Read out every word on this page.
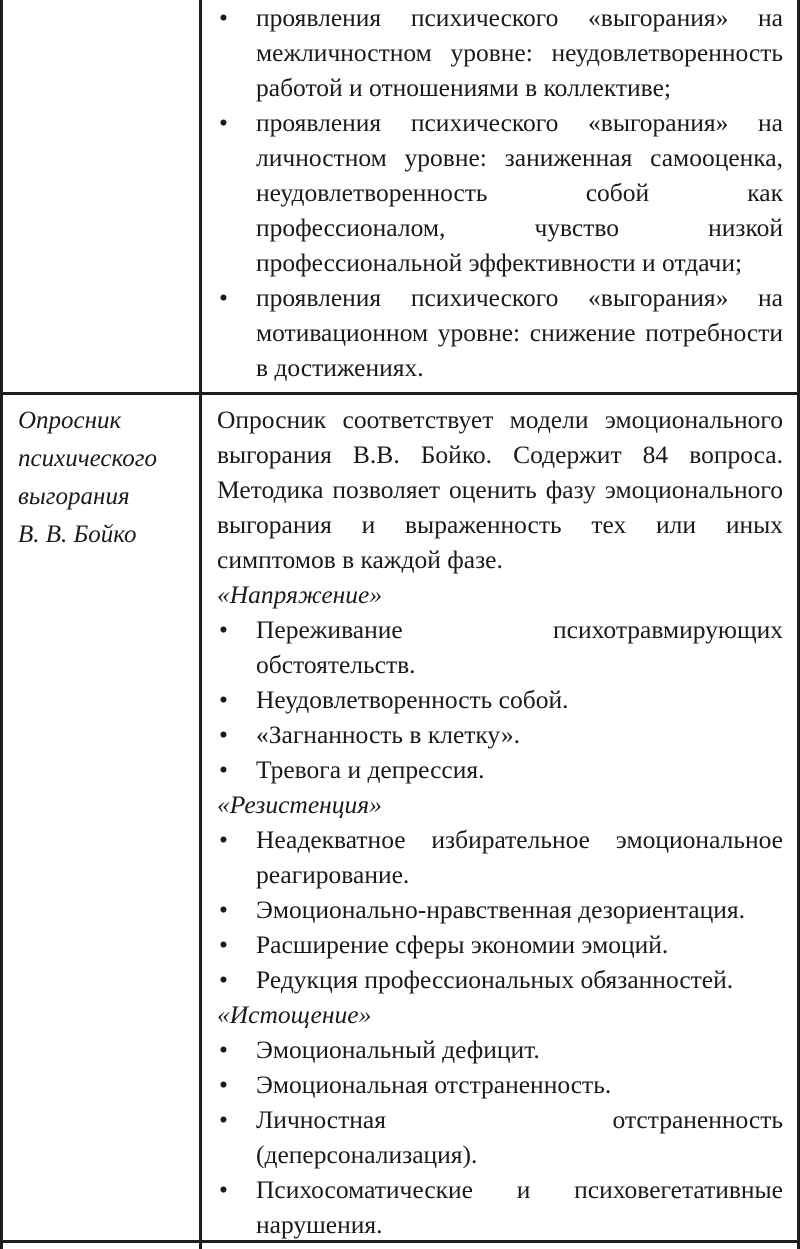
• проявления психического «выгорания» на межличностном уровне: неудовлетворенность работой и отношениями в коллективе;
• проявления психического «выгорания» на личностном уровне: заниженная самооценка, неудовлетворенность собой как профессионалом, чувство низкой профессиональной эффективности и отдачи;
• проявления психического «выгорания» на мотивационном уровне: снижение потребности в достижениях.
Опросник
психического
выгорания
В. В. Бойко
Опросник соответствует модели эмоционального выгорания В.В. Бойко. Содержит 84 вопроса. Методика позволяет оценить фазу эмоционального выгорания и выраженность тех или иных симптомов в каждой фазе.
«Напряжение»
• Переживание психотравмирующих обстоятельств.
• Неудовлетворенность собой.
• «Загнанность в клетку».
• Тревога и депрессия.
«Резистенция»
• Неадекватное избирательное эмоциональное реагирование.
• Эмоционально-нравственная дезориентация.
• Расширение сферы экономии эмоций.
• Редукция профессиональных обязанностей.
«Истощение»
• Эмоциональный дефицит.
• Эмоциональная отстраненность.
• Личностная отстраненность (деперсонализация).
• Психосоматические и психовегетативные нарушения.
